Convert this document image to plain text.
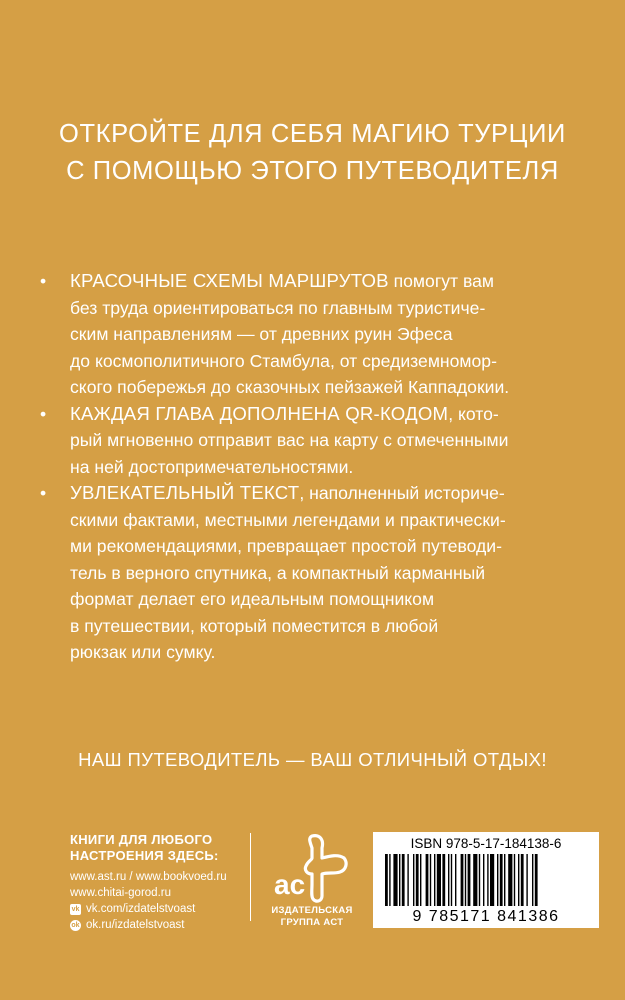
ОТКРОЙТЕ ДЛЯ СЕБЯ МАГИЮ ТУРЦИИ
С ПОМОЩЬЮ ЭТОГО ПУТЕВОДИТЕЛЯ
• КРАСОЧНЫЕ СХЕМЫ МАРШРУТОВ помогут вам
без труда ориентироваться по главным туристиче-
ским направлениям — от древних руин Эфеса
до космополитичного Стамбула, от средиземномор-
ского побережья до сказочных пейзажей Каппадокии.
• КАЖДАЯ ГЛАВА ДОПОЛНЕНА QR-КОДОМ, кото-
рый мгновенно отправит вас на карту с отмеченными
на ней достопримечательностями.
• УВЛЕКАТЕЛЬНЫЙ ТЕКСТ, наполненный историче-
скими фактами, местными легендами и практически-
ми рекомендациями, превращает простой путеводи-
тель в верного спутника, а компактный карманный
формат делает его идеальным помощником
в путешествии, который поместится в любой
рюкзак или сумку.
НАШ ПУТЕВОДИТЕЛЬ — ВАШ ОТЛИЧНЫЙ ОТДЫХ!
КНИГИ ДЛЯ ЛЮБОГО
НАСТРОЕНИЯ ЗДЕСЬ:
www.ast.ru / www.bookvoed.ru
www.chitai-gorod.ru
vk vk.com/izdatelstvoast
ok ok.ru/izdatelstvoast
ас
ИЗДАТЕЛЬСКАЯ
ГРУППА АСТ
ISBN 978-5-17-184138-6
9 785171 841386
